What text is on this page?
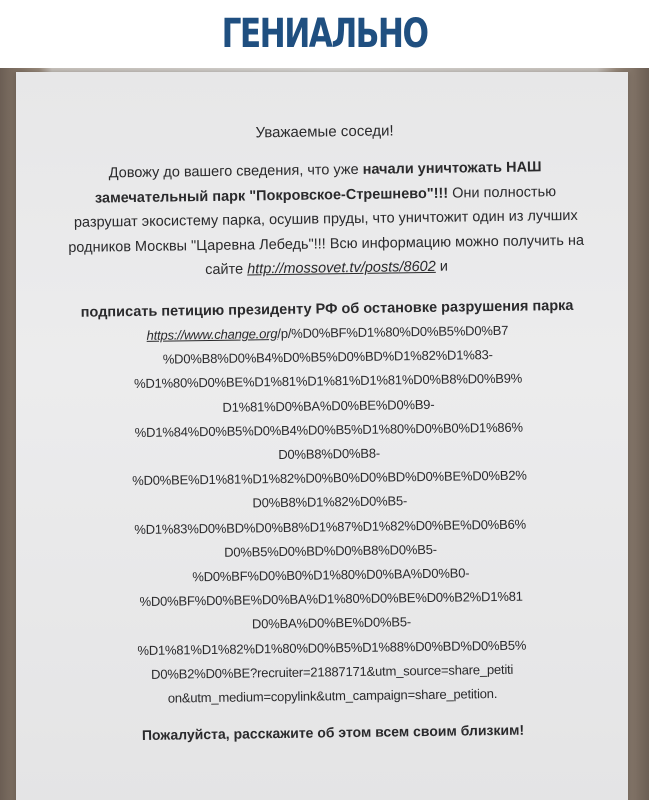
ГЕНИАЛЬНО
Уважаемые соседи!
Довожу до вашего сведения, что уже начали уничтожать НАШ замечательный парк "Покровское-Стрешнево"!!! Они полностью разрушат экосистему парка, осушив пруды, что уничтожит один из лучших родников Москвы "Царевна Лебедь"!!! Всю информацию можно получить на сайте http://mossovet.tv/posts/8602 и
подписать петицию президенту РФ об остановке разрушения парка
https://www.change.org/p/%D0%BF%D1%80%D0%B5%D0%B7
%D0%B8%D0%B4%D0%B5%D0%BD%D1%82%D1%83-
%D1%80%D0%BE%D1%81%D1%81%D1%81%D0%B8%D0%B9%
D1%81%D0%BA%D0%BE%D0%B9-
%D1%84%D0%B5%D0%B4%D0%B5%D1%80%D0%B0%D1%86%
D0%B8%D0%B8-
%D0%BE%D1%81%D1%82%D0%B0%D0%BD%D0%BE%D0%B2%
D0%B8%D1%82%D0%B5-
%D1%83%D0%BD%D0%B8%D1%87%D1%82%D0%BE%D0%B6%
D0%B5%D0%BD%D0%B8%D0%B5-
%D0%BF%D0%B0%D1%80%D0%BA%D0%B0-
%D0%BF%D0%BE%D0%BA%D1%80%D0%BE%D0%B2%D1%81
D0%BA%D0%BE%D0%B5-
%D1%81%D1%82%D1%80%D0%B5%D1%88%D0%BD%D0%B5%
D0%B2%D0%BE?recruiter=21887171&utm_source=share_petiti
on&utm_medium=copylink&utm_campaign=share_petition.
Пожалуйста, расскажите об этом всем своим близким!
